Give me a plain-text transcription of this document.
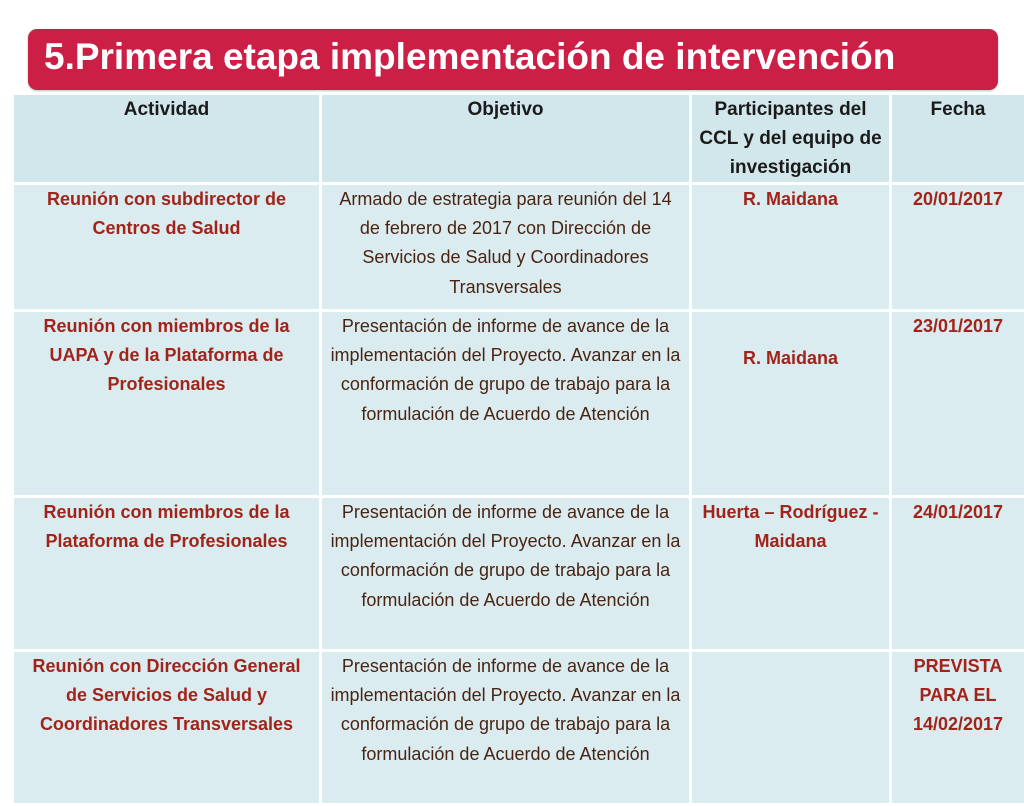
5.Primera etapa implementación de intervención
Actividad	Objetivo	Participantes del CCL y del equipo de investigación	Fecha
Reunión con subdirector de Centros de Salud	Armado de estrategia para reunión del 14 de febrero de 2017 con Dirección de Servicios de Salud y Coordinadores Transversales	R. Maidana	20/01/2017
Reunión con miembros de la UAPA y de la Plataforma de Profesionales	Presentación de informe de avance de la implementación del Proyecto. Avanzar en la conformación de grupo de trabajo para la formulación de Acuerdo de Atención	R. Maidana	23/01/2017
Reunión con miembros de la Plataforma de Profesionales	Presentación de informe de avance de la implementación del Proyecto. Avanzar en la conformación de grupo de trabajo para la formulación de Acuerdo de Atención	Huerta – Rodríguez - Maidana	24/01/2017
Reunión con Dirección General de Servicios de Salud y Coordinadores Transversales	Presentación de informe de avance de la implementación del Proyecto. Avanzar en la conformación de grupo de trabajo para la formulación de Acuerdo de Atención		PREVISTA PARA EL 14/02/2017
